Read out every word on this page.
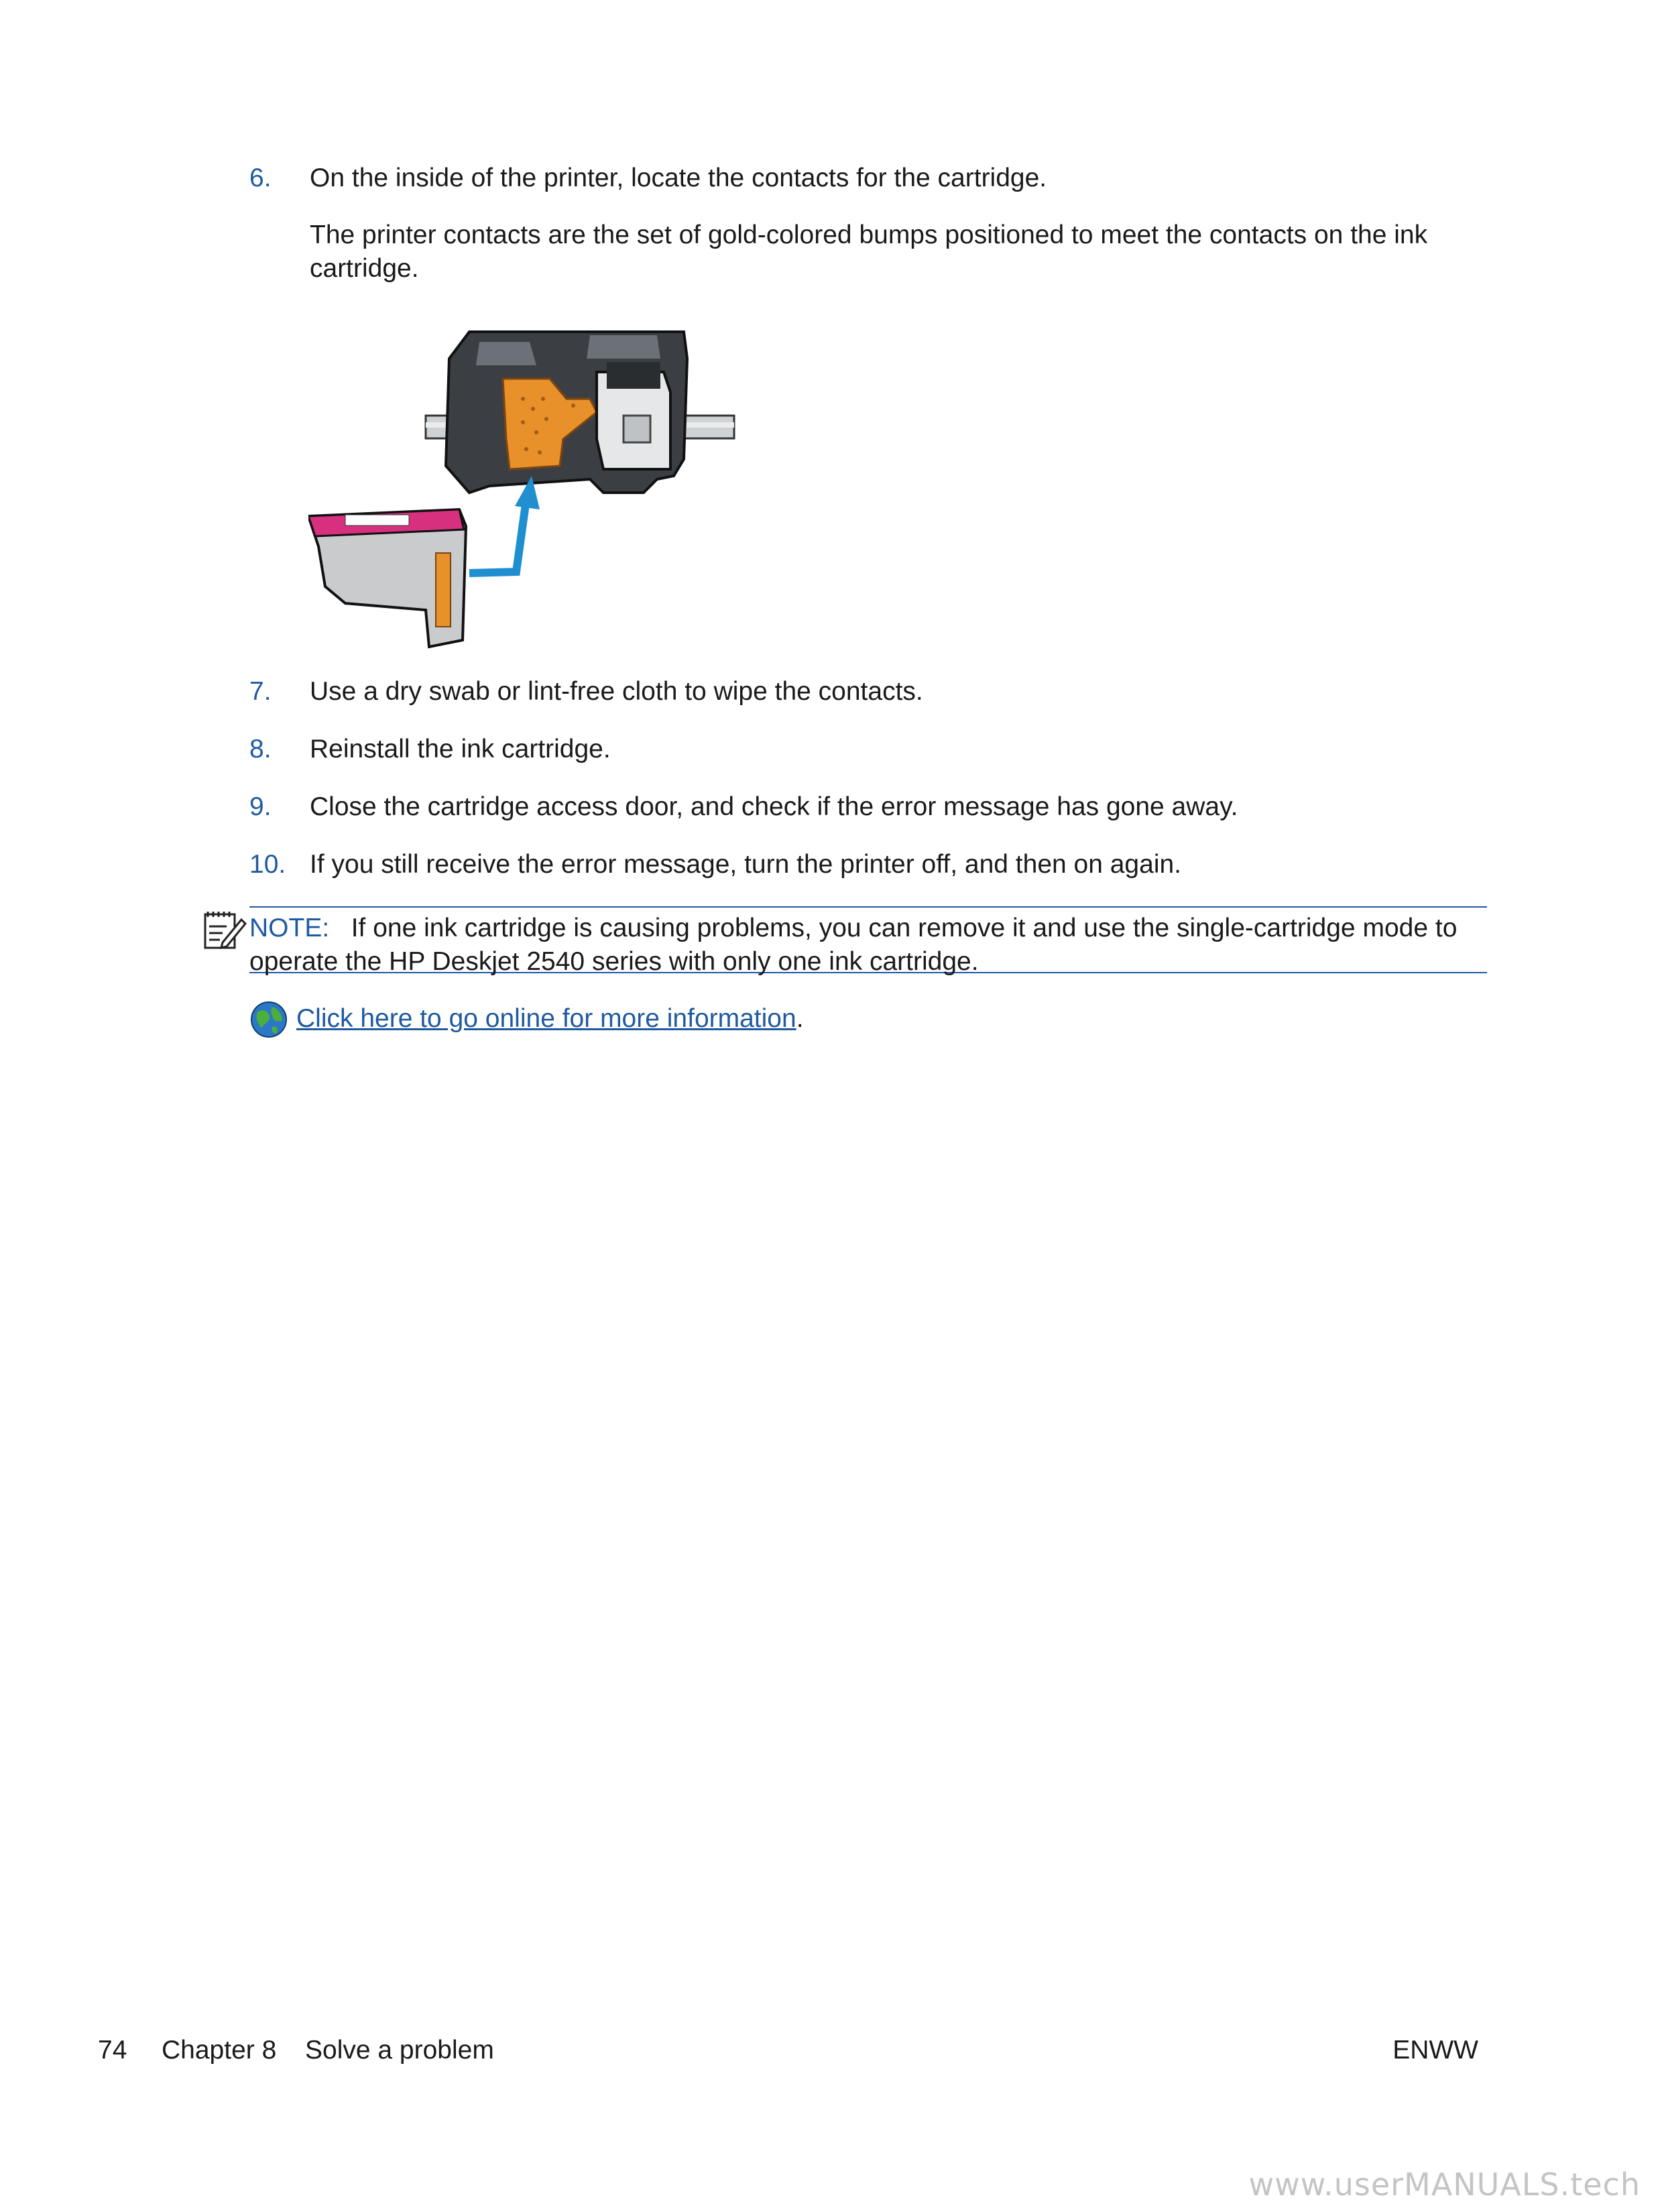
6. On the inside of the printer, locate the contacts for the cartridge.
The printer contacts are the set of gold-colored bumps positioned to meet the contacts on the ink cartridge.
7. Use a dry swab or lint-free cloth to wipe the contacts.
8. Reinstall the ink cartridge.
9. Close the cartridge access door, and check if the error message has gone away.
10. If you still receive the error message, turn the printer off, and then on again.
NOTE: If one ink cartridge is causing problems, you can remove it and use the single-cartridge mode to operate the HP Deskjet 2540 series with only one ink cartridge.
Click here to go online for more information.
74 Chapter 8 Solve a problem	ENWW
www.userMANUALS.tech
